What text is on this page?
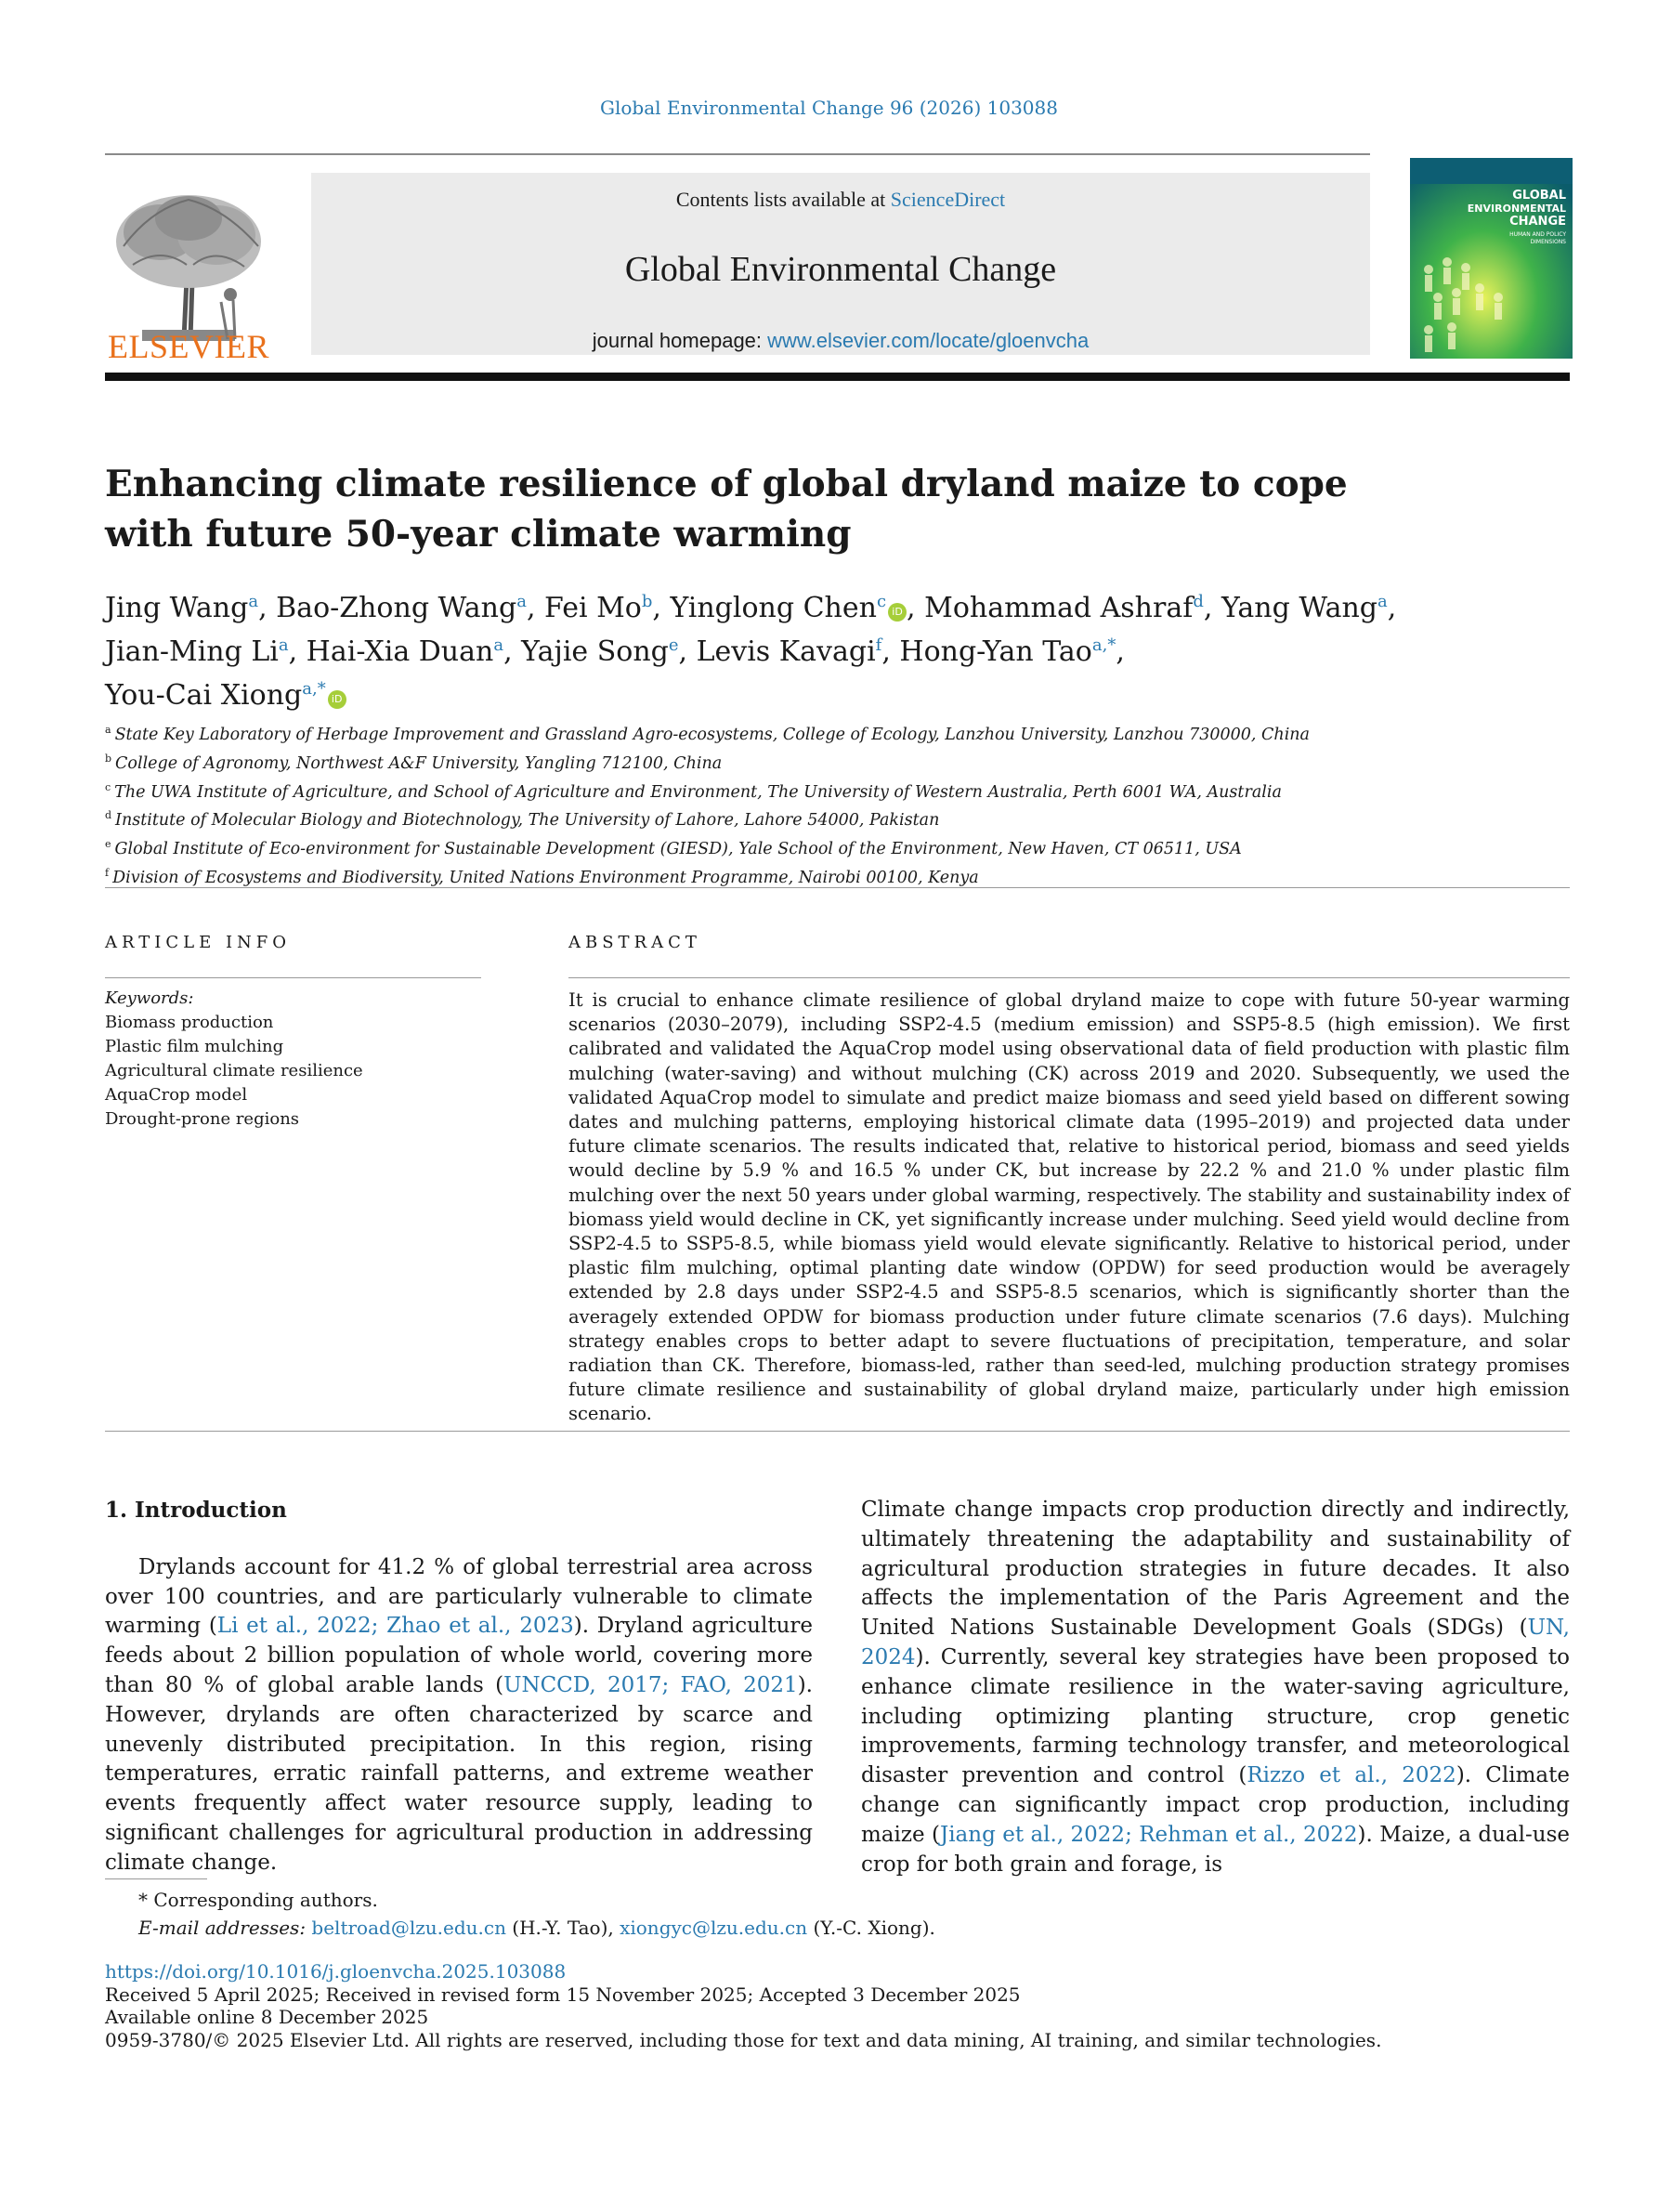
Global Environmental Change 96 (2026) 103088
ELSEVIER
Contents lists available at ScienceDirect
Global Environmental Change
journal homepage: www.elsevier.com/locate/gloenvcha
GLOBAL
ENVIRONMENTAL
CHANGE
HUMAN AND POLICY
DIMENSIONS
Enhancing climate resilience of global dryland maize to cope with future 50-year climate warming
Jing Wang$^a$, Bao-Zhong Wang$^a$, Fei Mo$^b$, Yinglong Chen$^c$iD , Mohammad Ashraf$^d$, Yang Wang$^a$,
Jian-Ming Li$^a$, Hai-Xia Duan$^a$, Yajie Song$^e$, Levis Kavagi$^f$, Hong-Yan Tao$^{a,*}$,
You-Cai Xiong$^{a,*}$iD
$^a$ State Key Laboratory of Herbage Improvement and Grassland Agro-ecosystems, College of Ecology, Lanzhou University, Lanzhou 730000, China
$^b$ College of Agronomy, Northwest A&F University, Yangling 712100, China
$^c$ The UWA Institute of Agriculture, and School of Agriculture and Environment, The University of Western Australia, Perth 6001 WA, Australia
$^d$ Institute of Molecular Biology and Biotechnology, The University of Lahore, Lahore 54000, Pakistan
$^e$ Global Institute of Eco-environment for Sustainable Development (GIESD), Yale School of the Environment, New Haven, CT 06511, USA
$^f$ Division of Ecosystems and Biodiversity, United Nations Environment Programme, Nairobi 00100, Kenya
ARTICLE INFO
Keywords:
Biomass production
Plastic film mulching
Agricultural climate resilience
AquaCrop model
Drought-prone regions
ABSTRACT

It is crucial to enhance climate resilience of global dryland maize to cope with future 50-year warming scenarios (2030–2079), including SSP2-4.5 (medium emission) and SSP5-8.5 (high emission). We first calibrated and validated the AquaCrop model using observational data of field production with plastic film mulching (water-saving) and without mulching (CK) across 2019 and 2020. Subsequently, we used the validated AquaCrop model to simulate and predict maize biomass and seed yield based on different sowing dates and mulching patterns, employing historical climate data (1995–2019) and projected data under future climate scenarios. The results indicated that, relative to historical period, biomass and seed yields would decline by 5.9 % and 16.5 % under CK, but increase by 22.2 % and 21.0 % under plastic film mulching over the next 50 years under global warming, respectively. The stability and sustainability index of biomass yield would decline in CK, yet significantly increase under mulching. Seed yield would decline from SSP2-4.5 to SSP5-8.5, while biomass yield would elevate significantly. Relative to historical period, under plastic film mulching, optimal planting date window (OPDW) for seed production would be averagely extended by 2.8 days under SSP2-4.5 and SSP5-8.5 scenarios, which is significantly shorter than the averagely extended OPDW for biomass production under future climate scenarios (7.6 days). Mulching strategy enables crops to better adapt to severe fluctuations of precipitation, temperature, and solar radiation than CK. Therefore, biomass-led, rather than seed-led, mulching production strategy promises future climate resilience and sustainability of global dryland maize, particularly under high emission scenario.

1. Introduction

Drylands account for 41.2 % of global terrestrial area across over 100 countries, and are particularly vulnerable to climate warming (Li et al., 2022; Zhao et al., 2023). Dryland agriculture feeds about 2 billion population of whole world, covering more than 80 % of global arable lands (UNCCD, 2017; FAO, 2021). However, drylands are often characterized by scarce and unevenly distributed precipitation. In this region, rising temperatures, erratic rainfall patterns, and extreme weather events frequently affect water resource supply, leading to significant challenges for agricultural production in addressing climate change.

Climate change impacts crop production directly and indirectly, ultimately threatening the adaptability and sustainability of agricultural production strategies in future decades. It also affects the implementation of the Paris Agreement and the United Nations Sustainable Development Goals (SDGs) (UN, 2024). Currently, several key strategies have been proposed to enhance climate resilience in the water-saving agriculture, including optimizing planting structure, crop genetic improvements, farming technology transfer, and meteorological disaster prevention and control (Rizzo et al., 2022). Climate change can significantly impact crop production, including maize (Jiang et al., 2022; Rehman et al., 2022). Maize, a dual-use crop for both grain and forage, is

* Corresponding authors.
E-mail addresses: beltroad@lzu.edu.cn (H.-Y. Tao), xiongyc@lzu.edu.cn (Y.-C. Xiong).
https://doi.org/10.1016/j.gloenvcha.2025.103088
Received 5 April 2025; Received in revised form 15 November 2025; Accepted 3 December 2025
Available online 8 December 2025
0959-3780/© 2025 Elsevier Ltd. All rights are reserved, including those for text and data mining, AI training, and similar technologies.
